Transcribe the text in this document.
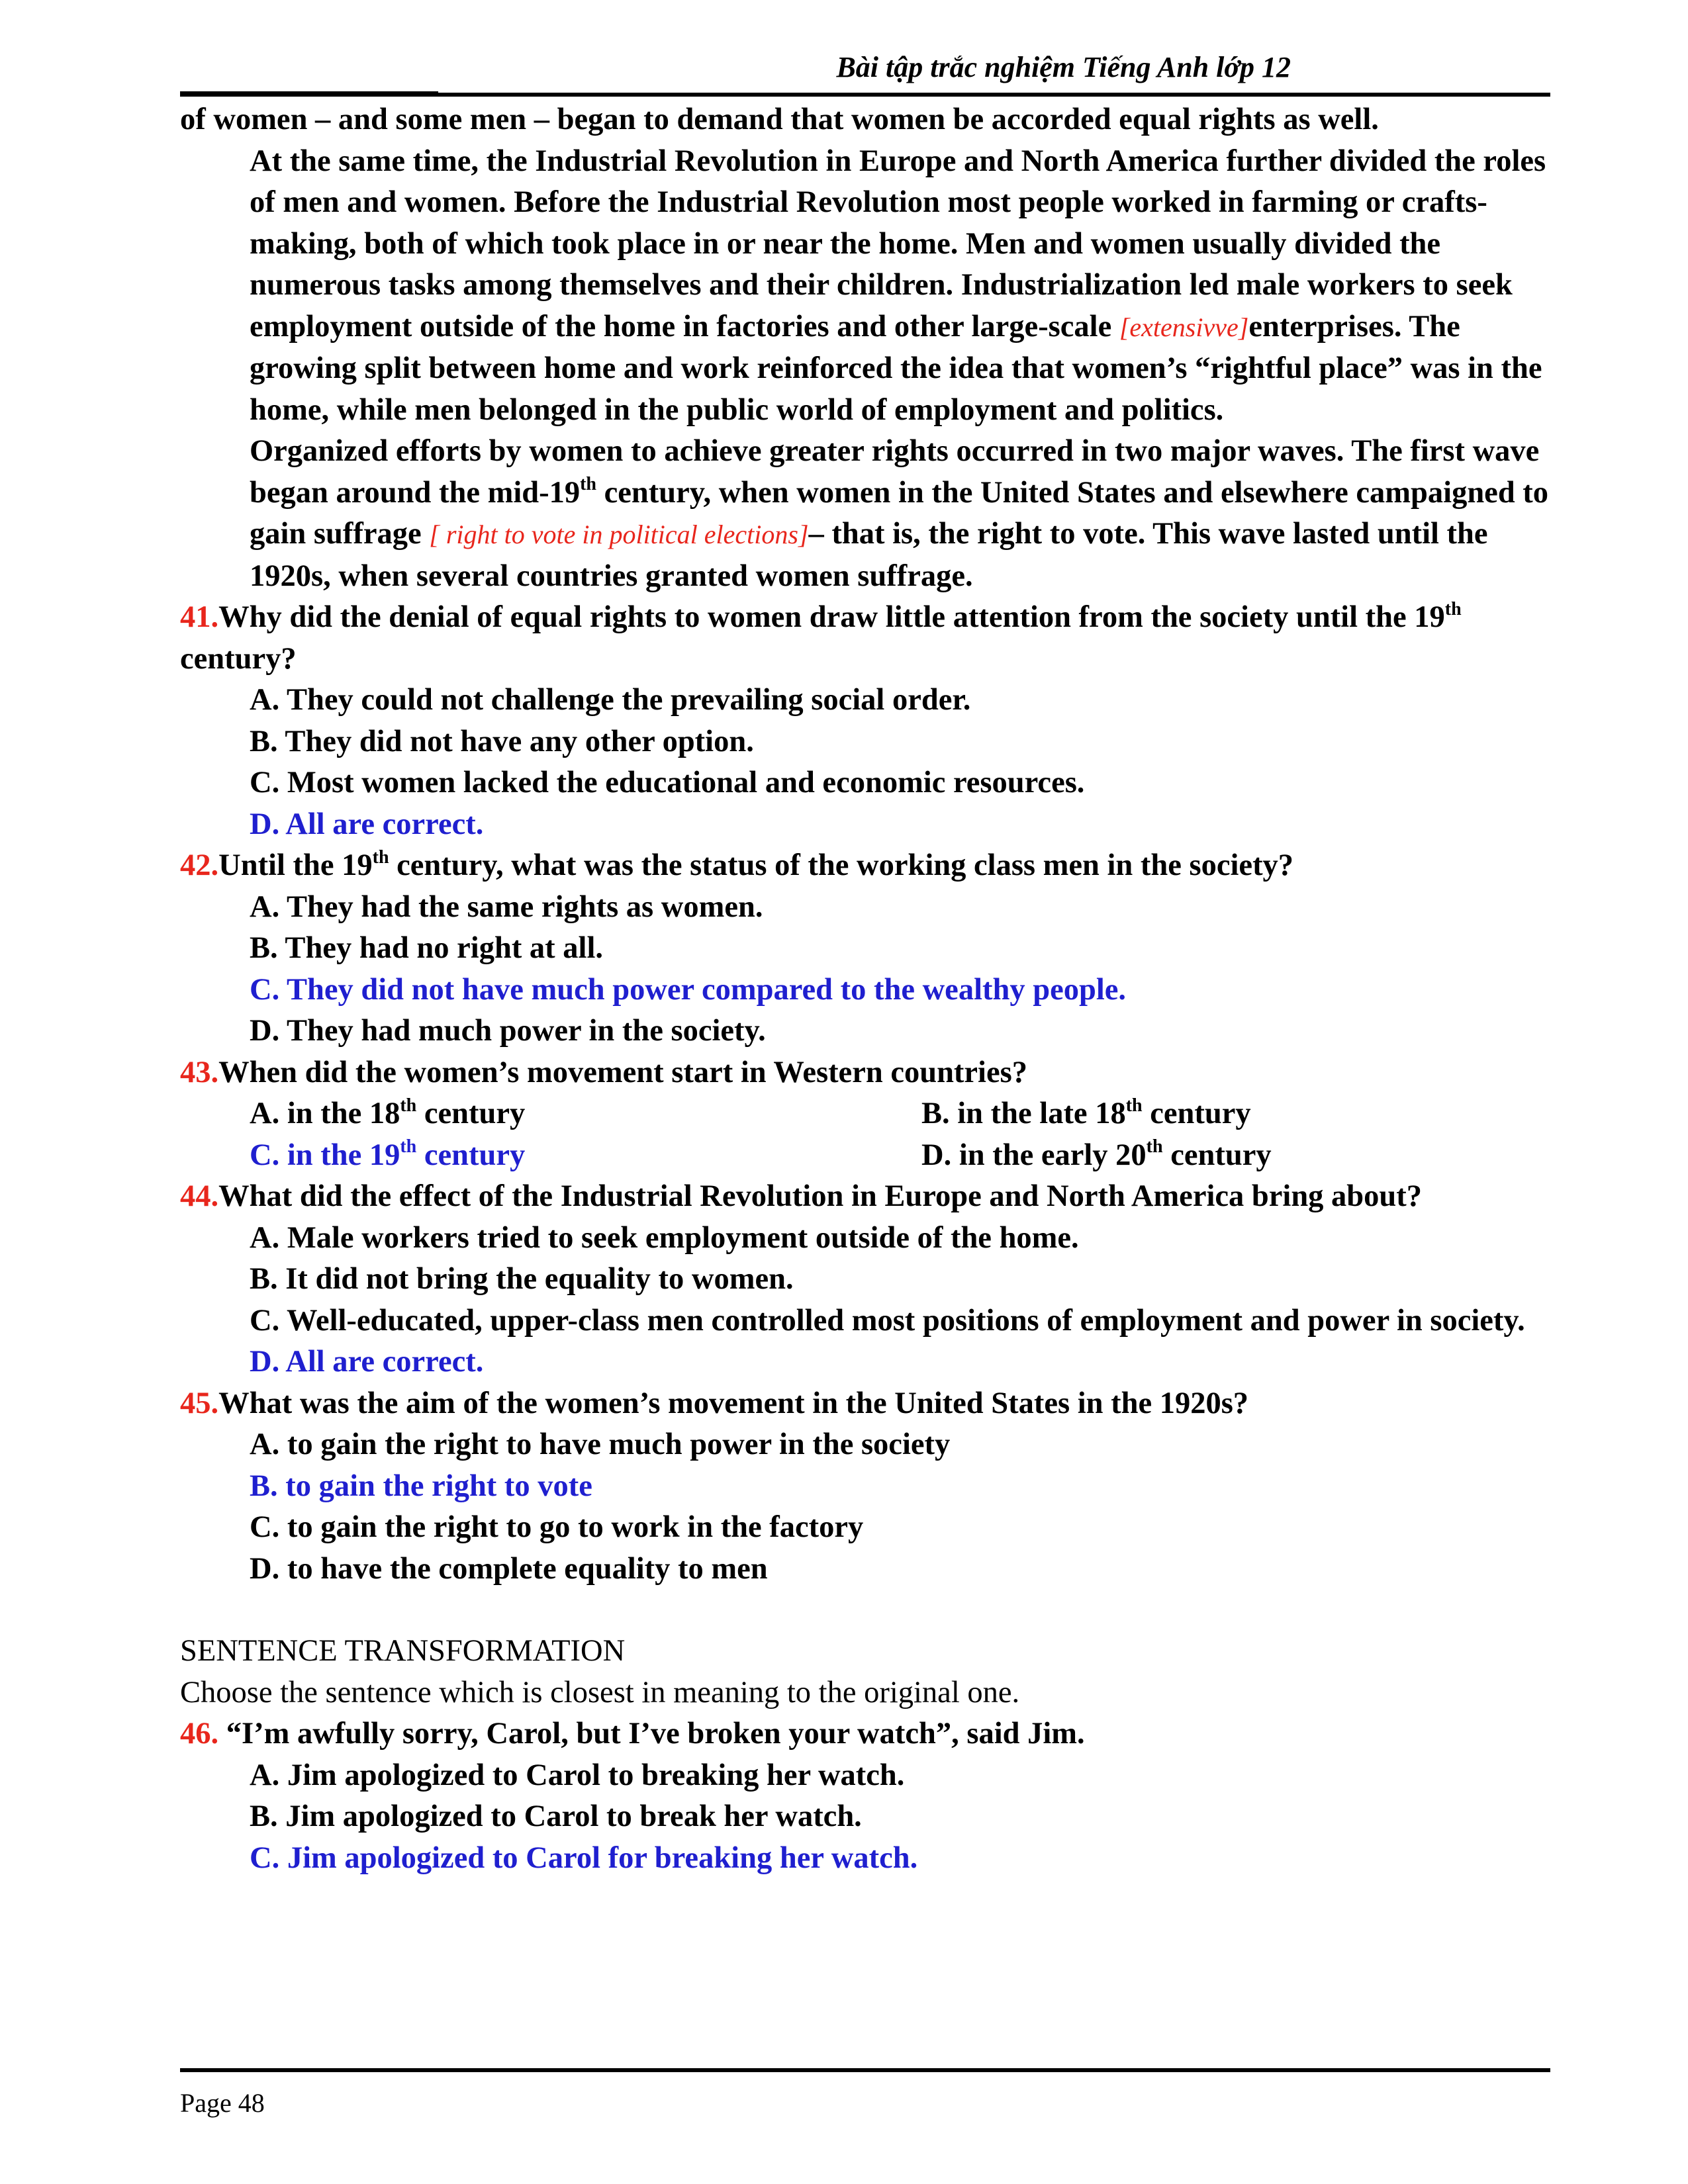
Bài tập trắc nghiệm Tiếng Anh lớp 12

of women – and some men – began to demand that women be accorded equal rights as well.

At the same time, the Industrial Revolution in Europe and North America further divided the roles of men and women. Before the Industrial Revolution most people worked in farming or crafts-making, both of which took place in or near the home. Men and women usually divided the numerous tasks among themselves and their children. Industrialization led male workers to seek employment outside of the home in factories and other large-scale [extensivve]enterprises. The growing split between home and work reinforced the idea that women’s “rightful place” was in the home, while men belonged in the public world of employment and politics.

Organized efforts by women to achieve greater rights occurred in two major waves. The first wave began around the mid-19th century, when women in the United States and elsewhere campaigned to gain suffrage [ right to vote in political elections]– that is, the right to vote. This wave lasted until the 1920s, when several countries granted women suffrage.

41.Why did the denial of equal rights to women draw little attention from the society until the 19th century?

A. They could not challenge the prevailing social order.

B. They did not have any other option.

C. Most women lacked the educational and economic resources.

D. All are correct.

42.Until the 19th century, what was the status of the working class men in the society?

A. They had the same rights as women.

B. They had no right at all.

C. They did not have much power compared to the wealthy people.

D. They had much power in the society.

43.When did the women’s movement start in Western countries?

A. in the 18th century	B. in the late 18th century
C. in the 19th century	D. in the early 20th century

44.What did the effect of the Industrial Revolution in Europe and North America bring about?

A. Male workers tried to seek employment outside of the home.

B. It did not bring the equality to women.

C. Well-educated, upper-class men controlled most positions of employment and power in society.

D. All are correct.

45.What was the aim of the women’s movement in the United States in the 1920s?

A. to gain the right to have much power in the society

B. to gain the right to vote

C. to gain the right to go to work in the factory

D. to have the complete equality to men

SENTENCE TRANSFORMATION

Choose the sentence which is closest in meaning to the original one.

46. “I’m awfully sorry, Carol, but I’ve broken your watch”, said Jim.

A. Jim apologized to Carol to breaking her watch.

B. Jim apologized to Carol to break her watch.

C. Jim apologized to Carol for breaking her watch.

Page 48
